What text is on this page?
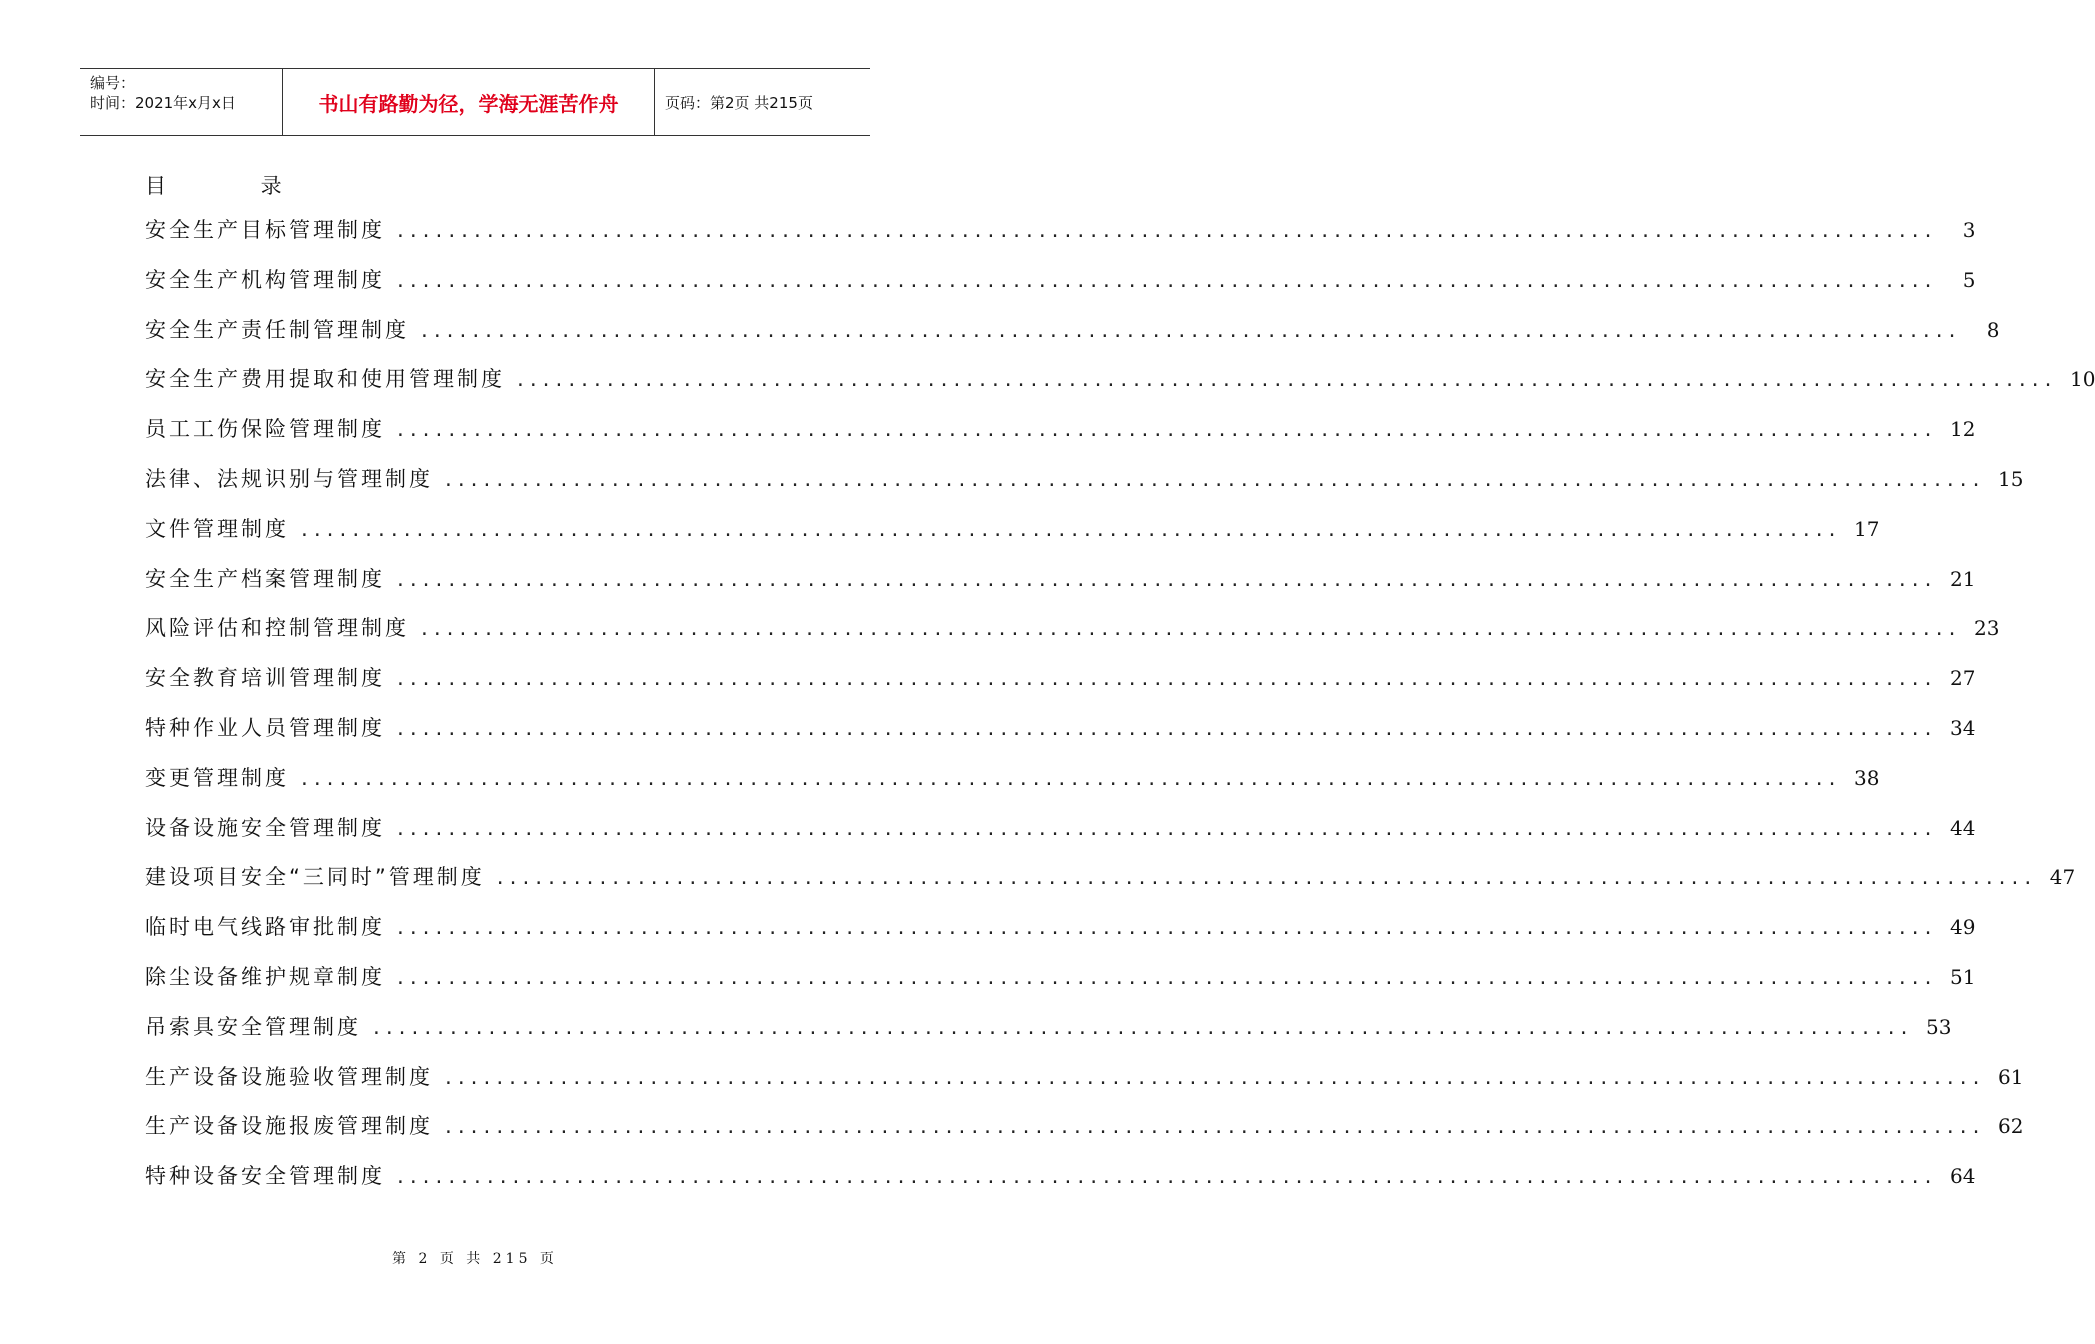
编号：
时间：2021年x月x日	书山有路勤为径，学海无涯苦作舟	页码：第2页 共215页
目 录
安全生产目标管理制度 ........................................................................................................................	3
安全生产机构管理制度 ........................................................................................................................	5
安全生产责任制管理制度 ........................................................................................................................	8
安全生产费用提取和使用管理制度 ........................................................................................................................ 10
员工工伤保险管理制度 ........................................................................................................................ 12
法律、法规识别与管理制度 ........................................................................................................................ 15
文件管理制度 ........................................................................................................................ 17
安全生产档案管理制度 ........................................................................................................................ 21
风险评估和控制管理制度 ........................................................................................................................ 23
安全教育培训管理制度 ........................................................................................................................ 27
特种作业人员管理制度 ........................................................................................................................ 34
变更管理制度 ........................................................................................................................ 38
设备设施安全管理制度 ........................................................................................................................ 44
建设项目安全“三同时”管理制度 ........................................................................................................................ 47
临时电气线路审批制度 ........................................................................................................................ 49
除尘设备维护规章制度 ........................................................................................................................ 51
吊索具安全管理制度 ........................................................................................................................ 53
生产设备设施验收管理制度 ........................................................................................................................ 61
生产设备设施报废管理制度 ........................................................................................................................ 62
特种设备安全管理制度 ........................................................................................................................ 64
第 2 页 共 215 页
